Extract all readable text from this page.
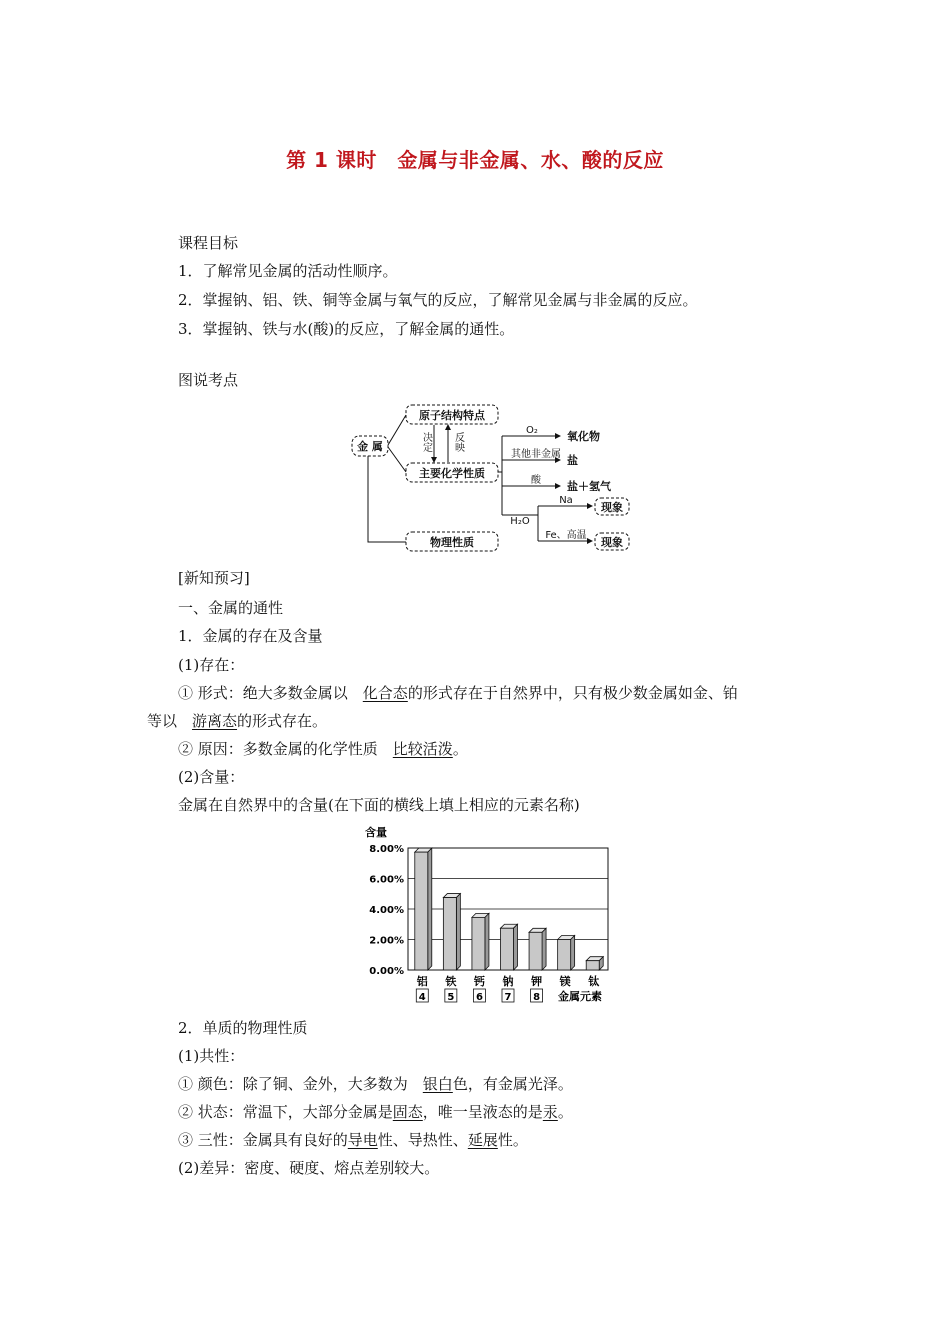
第 1 课时　金属与非金属、水、酸的反应
课程目标
1．了解常见金属的活动性顺序。
2．掌握钠、铝、铁、铜等金属与氧气的反应，了解常见金属与非金属的反应。
3．掌握钠、铁与水(酸)的反应，了解金属的通性。
图说考点
金 属
原子结构特点
主要化学性质
物理性质
现象
现象
氧化物
盐
盐＋氢气
决定 反映
O₂
其他非金属
酸
H₂O
Na
Fe、高温
[新知预习]
一、金属的通性
1．金属的存在及含量
(1)存在：
① 形式：绝大多数金属以　 化合态的形式存在于自然界中，只有极少数金属如金、铂
等以　 游离态的形式存在。
② 原因：多数金属的化学性质　 比较活泼。
(2)含量：
金属在自然界中的含量(在下面的横线上填上相应的元素名称)
含量
0.00%
2.00%
4.00%
6.00%
8.00%
铝 铁 钙 钠 钾 镁 钛
4 5 6 7 8 金属元素
2．单质的物理性质
(1)共性：
① 颜色：除了铜、金外，大多数为　 银白色，有金属光泽。
② 状态：常温下，大部分金属是固态，唯一呈液态的是汞。
③ 三性：金属具有良好的导电性、导热性、延展性。
(2)差异：密度、硬度、熔点差别较大。
